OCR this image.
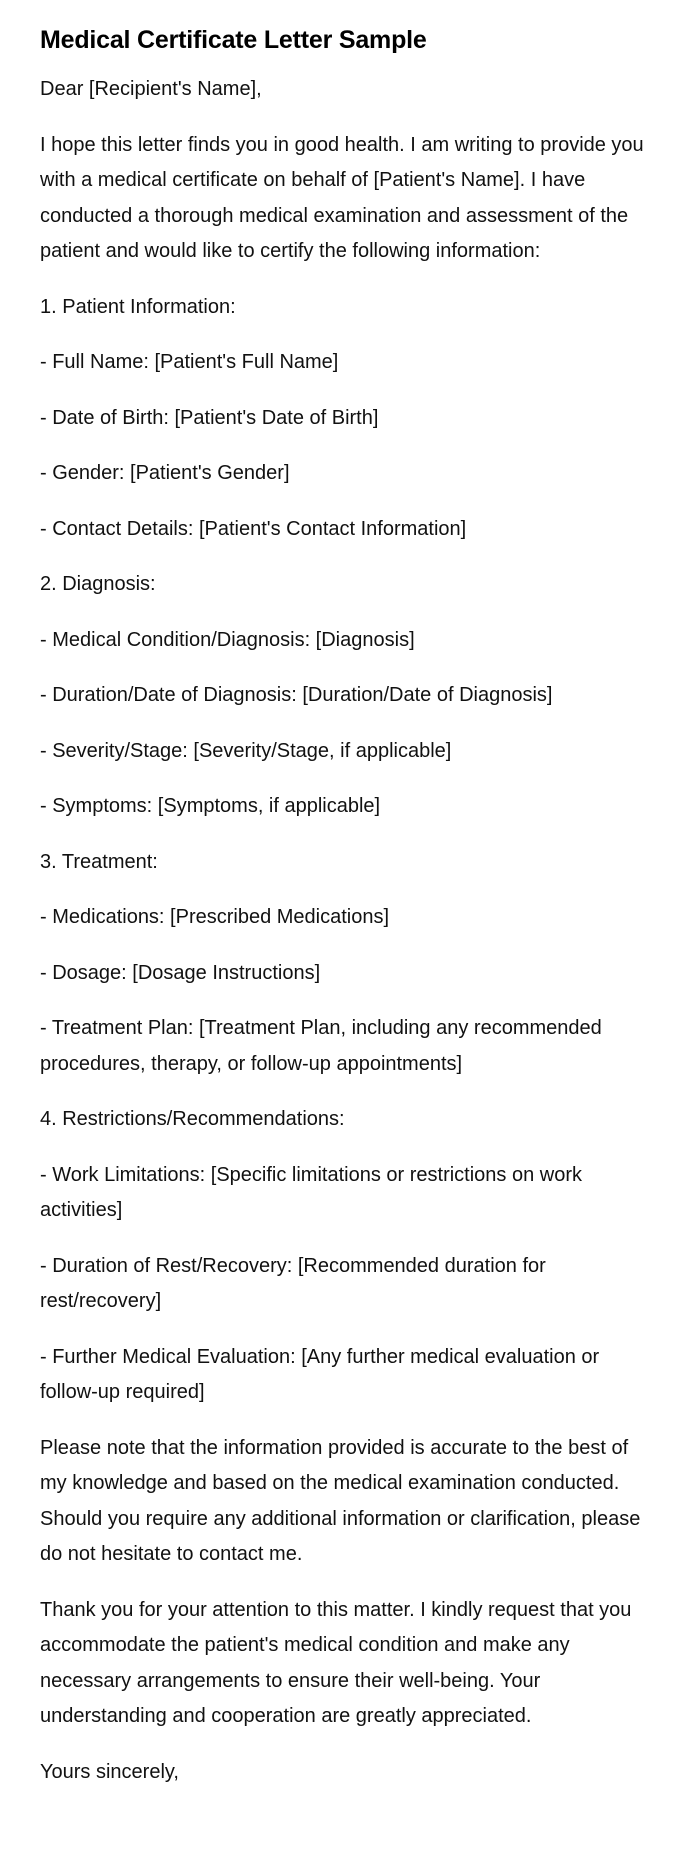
Medical Certificate Letter Sample

Dear [Recipient's Name],

I hope this letter finds you in good health. I am writing to provide you with a medical certificate on behalf of [Patient's Name]. I have conducted a thorough medical examination and assessment of the patient and would like to certify the following information:

1. Patient Information:

- Full Name: [Patient's Full Name]

- Date of Birth: [Patient's Date of Birth]

- Gender: [Patient's Gender]

- Contact Details: [Patient's Contact Information]

2. Diagnosis:

- Medical Condition/Diagnosis: [Diagnosis]

- Duration/Date of Diagnosis: [Duration/Date of Diagnosis]

- Severity/Stage: [Severity/Stage, if applicable]

- Symptoms: [Symptoms, if applicable]

3. Treatment:

- Medications: [Prescribed Medications]

- Dosage: [Dosage Instructions]

- Treatment Plan: [Treatment Plan, including any recommended procedures, therapy, or follow-up appointments]

4. Restrictions/Recommendations:

- Work Limitations: [Specific limitations or restrictions on work activities]

- Duration of Rest/Recovery: [Recommended duration for rest/recovery]

- Further Medical Evaluation: [Any further medical evaluation or follow-up required]

Please note that the information provided is accurate to the best of my knowledge and based on the medical examination conducted. Should you require any additional information or clarification, please do not hesitate to contact me.

Thank you for your attention to this matter. I kindly request that you accommodate the patient's medical condition and make any necessary arrangements to ensure their well-being. Your understanding and cooperation are greatly appreciated.

Yours sincerely,
